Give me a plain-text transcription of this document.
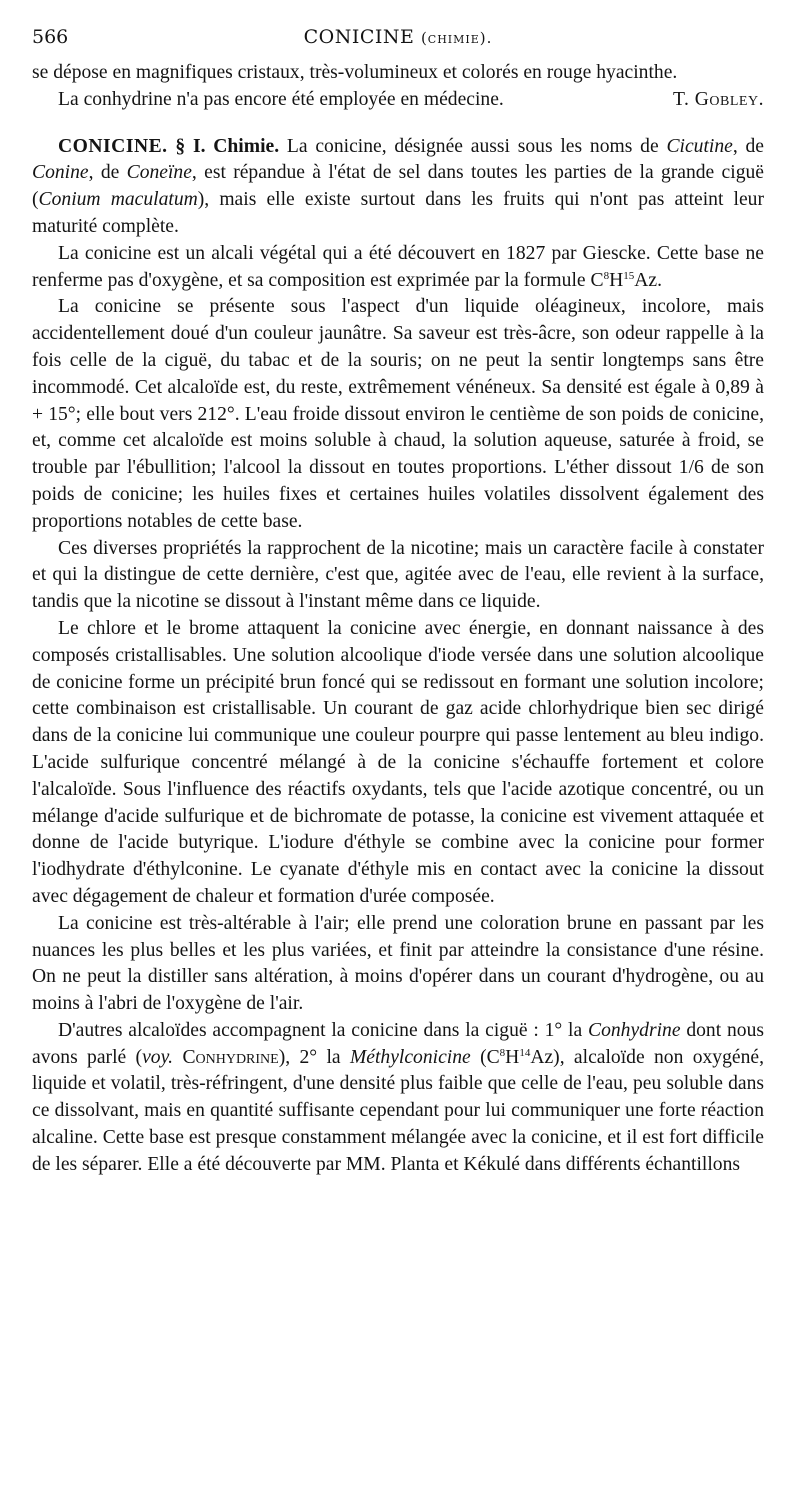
566	CONICINE (chimie).

se dépose en magnifiques cristaux, très-volumineux et colorés en rouge hyacinthe.

La conhydrine n'a pas encore été employée en médecine.	T. Gobley.

CONICINE. § I. Chimie. La conicine, désignée aussi sous les noms de Cicutine, de Conine, de Coneïne, est répandue à l'état de sel dans toutes les parties de la grande ciguë (Conium maculatum), mais elle existe surtout dans les fruits qui n'ont pas atteint leur maturité complète.

La conicine est un alcali végétal qui a été découvert en 1827 par Giescke. Cette base ne renferme pas d'oxygène, et sa composition est exprimée par la formule $C^8H^{15}Az$.

La conicine se présente sous l'aspect d'un liquide oléagineux, incolore, mais accidentellement doué d'un couleur jaunâtre. Sa saveur est très-âcre, son odeur rappelle à la fois celle de la ciguë, du tabac et de la souris; on ne peut la sentir longtemps sans être incommodé. Cet alcaloïde est, du reste, extrêmement vénéneux. Sa densité est égale à 0,89 à + 15°; elle bout vers 212°. L'eau froide dissout environ le centième de son poids de conicine, et, comme cet alcaloïde est moins soluble à chaud, la solution aqueuse, saturée à froid, se trouble par l'ébullition; l'alcool la dissout en toutes proportions. L'éther dissout 1/6 de son poids de conicine; les huiles fixes et certaines huiles volatiles dissolvent également des proportions notables de cette base.

Ces diverses propriétés la rapprochent de la nicotine; mais un caractère facile à constater et qui la distingue de cette dernière, c'est que, agitée avec de l'eau, elle revient à la surface, tandis que la nicotine se dissout à l'instant même dans ce liquide.

Le chlore et le brome attaquent la conicine avec énergie, en donnant naissance à des composés cristallisables. Une solution alcoolique d'iode versée dans une solution alcoolique de conicine forme un précipité brun foncé qui se redissout en formant une solution incolore; cette combinaison est cristallisable. Un courant de gaz acide chlorhydrique bien sec dirigé dans de la conicine lui communique une couleur pourpre qui passe lentement au bleu indigo. L'acide sulfurique concentré mélangé à de la conicine s'échauffe fortement et colore l'alcaloïde. Sous l'influence des réactifs oxydants, tels que l'acide azotique concentré, ou un mélange d'acide sulfurique et de bichromate de potasse, la conicine est vivement attaquée et donne de l'acide butyrique. L'iodure d'éthyle se combine avec la conicine pour former l'iodhydrate d'éthylconine. Le cyanate d'éthyle mis en contact avec la conicine la dissout avec dégagement de chaleur et formation d'urée composée.

La conicine est très-altérable à l'air; elle prend une coloration brune en passant par les nuances les plus belles et les plus variées, et finit par atteindre la consistance d'une résine. On ne peut la distiller sans altération, à moins d'opérer dans un courant d'hydrogène, ou au moins à l'abri de l'oxygène de l'air.

D'autres alcaloïdes accompagnent la conicine dans la ciguë : 1° la Conhydrine dont nous avons parlé (voy. Conhydrine), 2° la Méthylconicine $(C^8H^{14}Az)$, alcaloïde non oxygéné, liquide et volatil, très-réfringent, d'une densité plus faible que celle de l'eau, peu soluble dans ce dissolvant, mais en quantité suffisante cependant pour lui communiquer une forte réaction alcaline. Cette base est presque constamment mélangée avec la conicine, et il est fort difficile de les séparer. Elle a été découverte par MM. Planta et Kékulé dans différents échantillons
